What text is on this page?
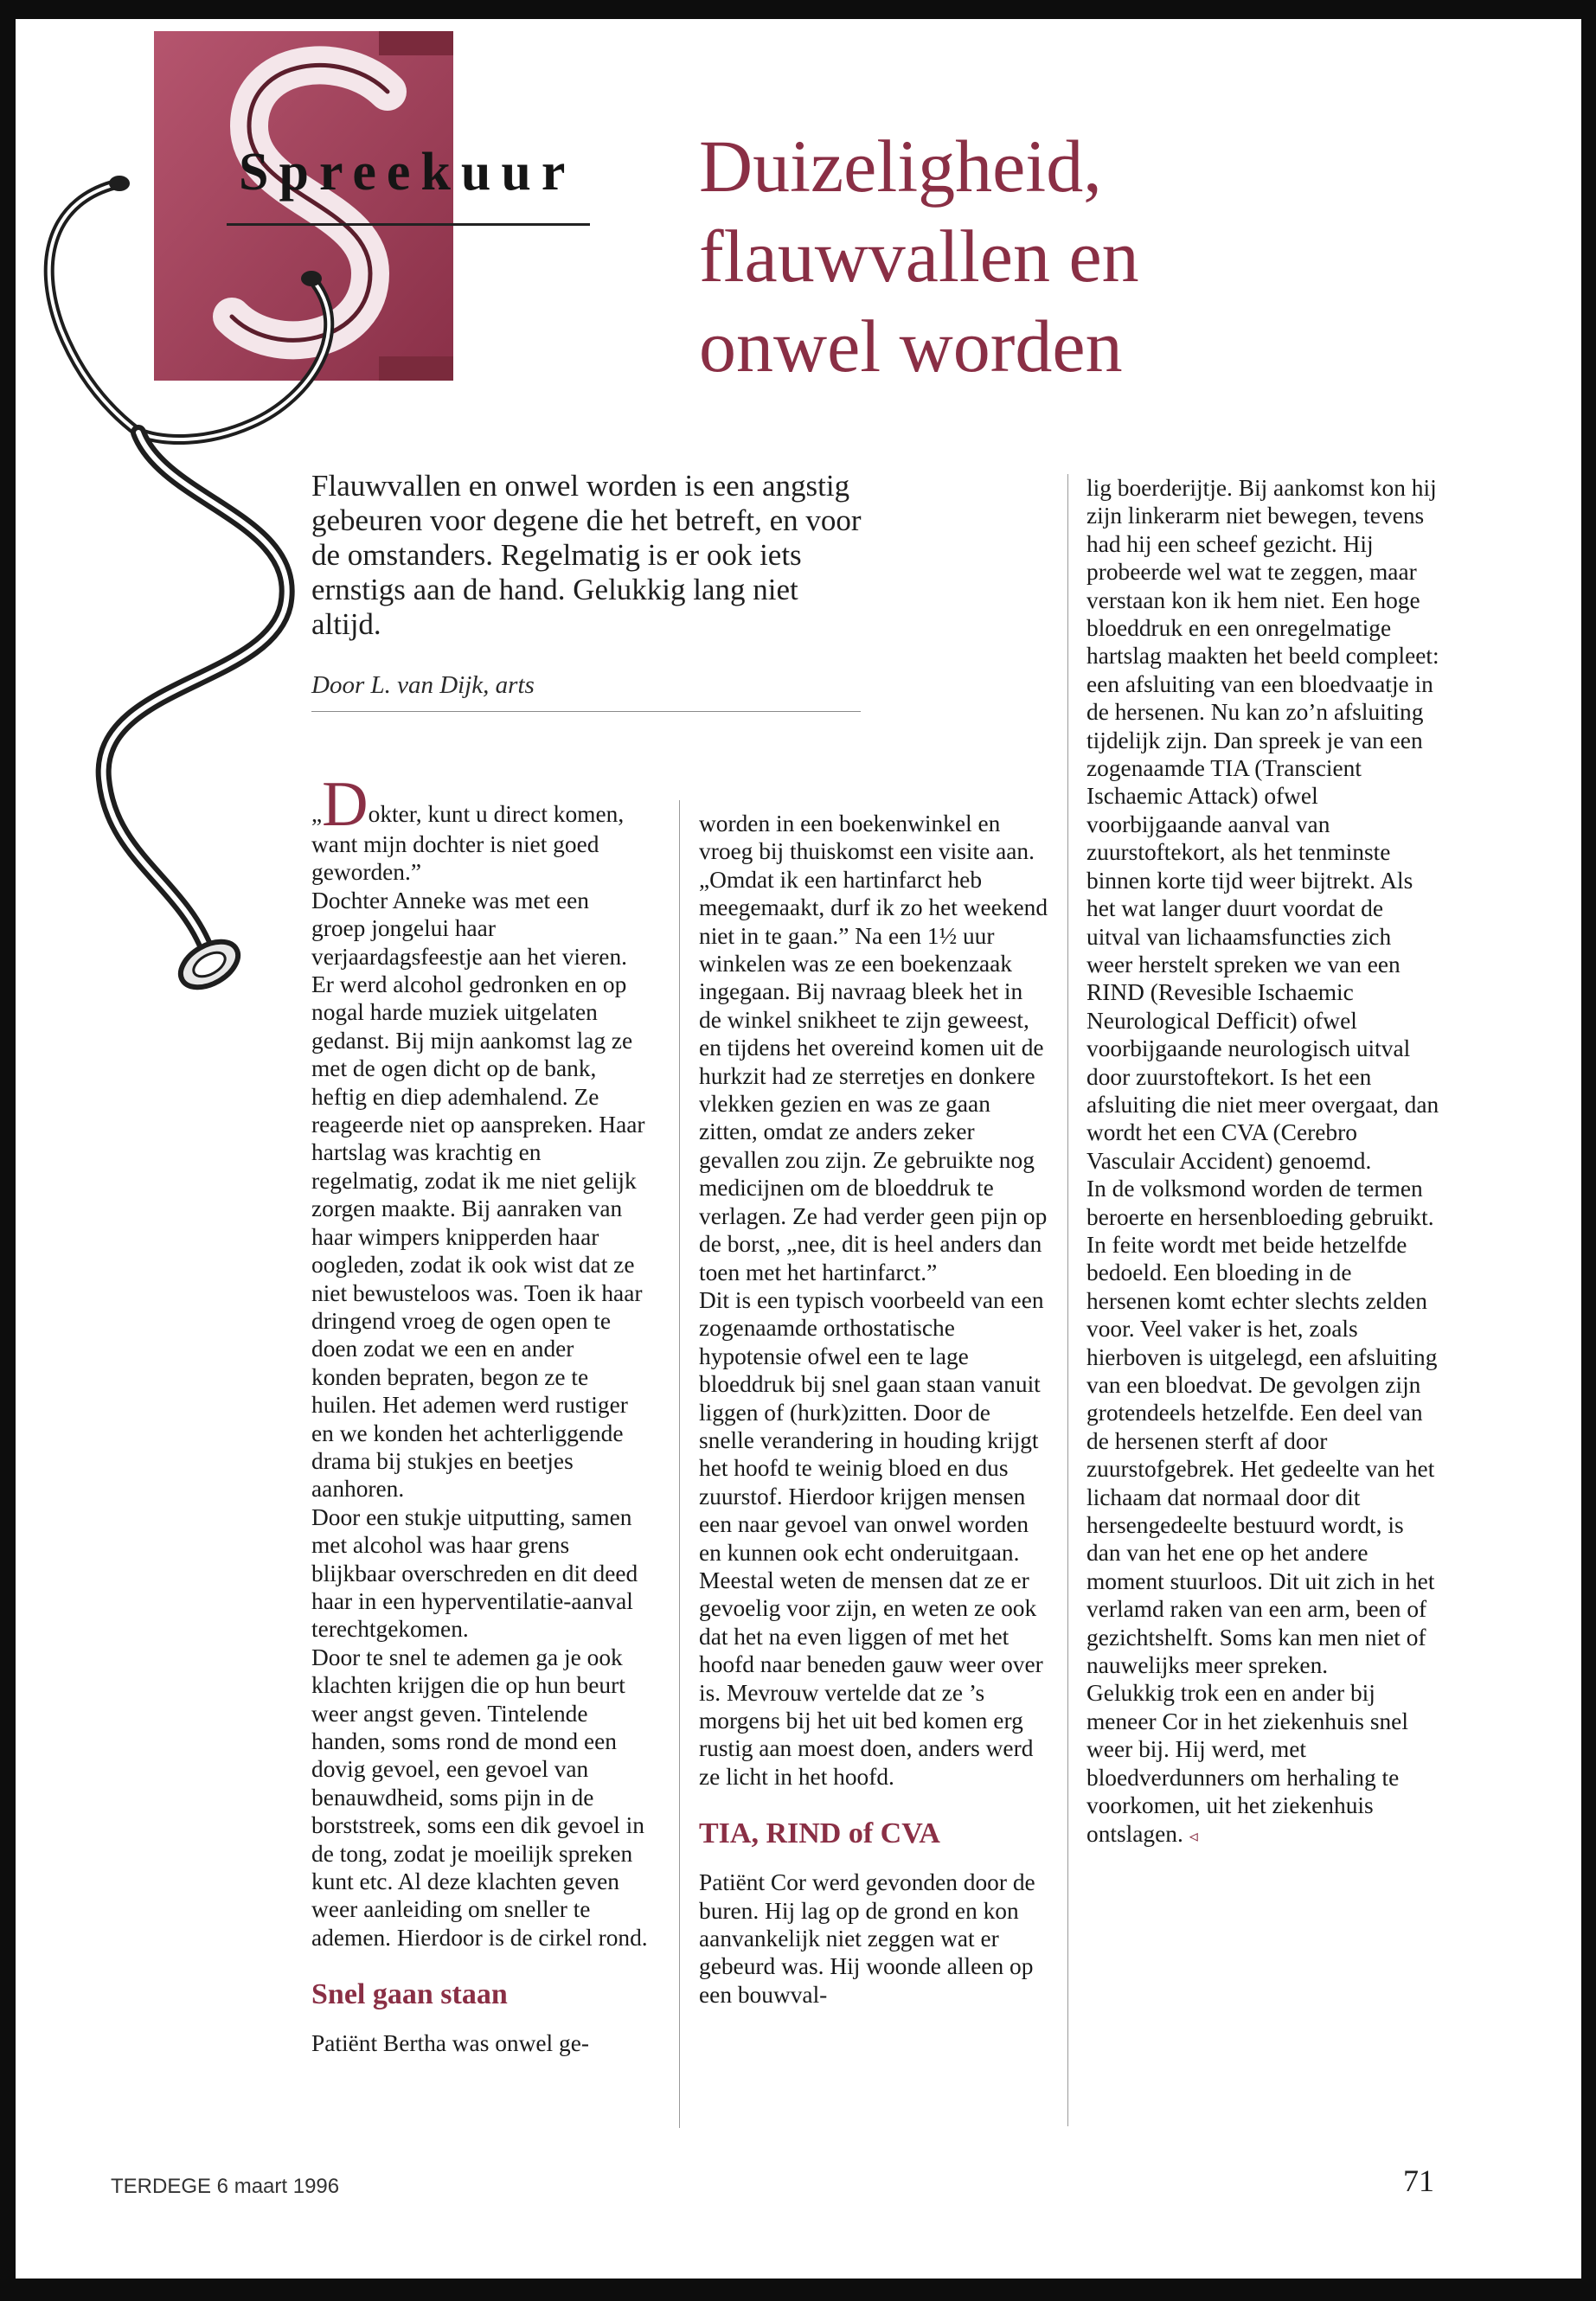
Spreekuur	Duizeligheid,
flauwvallen en
onwel worden
Flauwvallen en onwel worden is een angstig gebeuren voor degene die het betreft, en voor de omstanders. Regelmatig is er ook iets ernstigs aan de hand. Gelukkig lang niet altijd.
Door L. van Dijk, arts

„Dokter, kunt u direct komen, want mijn dochter is niet goed geworden.”

Dochter Anneke was met een groep jongelui haar verjaardagsfeestje aan het vieren. Er werd alcohol gedronken en op nogal harde muziek uitgelaten gedanst. Bij mijn aankomst lag ze met de ogen dicht op de bank, heftig en diep ademhalend. Ze reageerde niet op aanspreken. Haar hartslag was krachtig en regelmatig, zodat ik me niet gelijk zorgen maakte. Bij aanraken van haar wimpers knipperden haar oogleden, zodat ik ook wist dat ze niet bewusteloos was. Toen ik haar dringend vroeg de ogen open te doen zodat we een en ander konden bepraten, begon ze te huilen. Het ademen werd rustiger en we konden het achterliggende drama bij stukjes en beetjes aanhoren.

Door een stukje uitputting, samen met alcohol was haar grens blijkbaar overschreden en dit deed haar in een hyperventilatie-aanval terechtgekomen.

Door te snel te ademen ga je ook klachten krijgen die op hun beurt weer angst geven. Tintelende handen, soms rond de mond een dovig gevoel, een gevoel van benauwdheid, soms pijn in de borststreek, soms een dik gevoel in de tong, zodat je moeilijk spreken kunt etc. Al deze klachten geven weer aanleiding om sneller te ademen. Hierdoor is de cirkel rond.

Snel gaan staan

Patiënt Bertha was onwel ge-

worden in een boekenwinkel en vroeg bij thuiskomst een visite aan. „Omdat ik een hartinfarct heb meegemaakt, durf ik zo het weekend niet in te gaan.” Na een 1½ uur winkelen was ze een boekenzaak ingegaan. Bij navraag bleek het in de winkel snikheet te zijn geweest, en tijdens het overeind komen uit de hurkzit had ze sterretjes en donkere vlekken gezien en was ze gaan zitten, omdat ze anders zeker gevallen zou zijn. Ze gebruikte nog medicijnen om de bloeddruk te verlagen. Ze had verder geen pijn op de borst, „nee, dit is heel anders dan toen met het hartinfarct.”

Dit is een typisch voorbeeld van een zogenaamde orthostatische hypotensie ofwel een te lage bloeddruk bij snel gaan staan vanuit liggen of (hurk)zitten. Door de snelle verandering in houding krijgt het hoofd te weinig bloed en dus zuurstof. Hierdoor krijgen mensen een naar gevoel van onwel worden en kunnen ook echt onderuitgaan. Meestal weten de mensen dat ze er gevoelig voor zijn, en weten ze ook dat het na even liggen of met het hoofd naar beneden gauw weer over is. Mevrouw vertelde dat ze ’s morgens bij het uit bed komen erg rustig aan moest doen, anders werd ze licht in het hoofd.

TIA, RIND of CVA

Patiënt Cor werd gevonden door de buren. Hij lag op de grond en kon aanvankelijk niet zeggen wat er gebeurd was. Hij woonde alleen op een bouwval-

lig boerderijtje. Bij aankomst kon hij zijn linkerarm niet bewegen, tevens had hij een scheef gezicht. Hij probeerde wel wat te zeggen, maar verstaan kon ik hem niet. Een hoge bloeddruk en een onregelmatige hartslag maakten het beeld compleet: een afsluiting van een bloedvaatje in de hersenen. Nu kan zo’n afsluiting tijdelijk zijn. Dan spreek je van een zogenaamde TIA (Transcient Ischaemic Attack) ofwel voorbijgaande aanval van zuurstoftekort, als het tenminste binnen korte tijd weer bijtrekt. Als het wat langer duurt voordat de uitval van lichaamsfuncties zich weer herstelt spreken we van een RIND (Revesible Ischaemic Neurological Defficit) ofwel voorbijgaande neurologisch uitval door zuurstoftekort. Is het een afsluiting die niet meer overgaat, dan wordt het een CVA (Cerebro Vasculair Accident) genoemd.

In de volksmond worden de termen beroerte en hersenbloeding gebruikt. In feite wordt met beide hetzelfde bedoeld. Een bloeding in de hersenen komt echter slechts zelden voor. Veel vaker is het, zoals hierboven is uitgelegd, een afsluiting van een bloedvat. De gevolgen zijn grotendeels hetzelfde. Een deel van de hersenen sterft af door zuurstofgebrek. Het gedeelte van het lichaam dat normaal door dit hersengedeelte bestuurd wordt, is dan van het ene op het andere moment stuurloos. Dit uit zich in het verlamd raken van een arm, been of gezichtshelft. Soms kan men niet of nauwelijks meer spreken.

Gelukkig trok een en ander bij meneer Cor in het ziekenhuis snel weer bij. Hij werd, met bloedverdunners om herhaling te voorkomen, uit het ziekenhuis ontslagen. ◃

TERDEGE 6 maart 1996	71
